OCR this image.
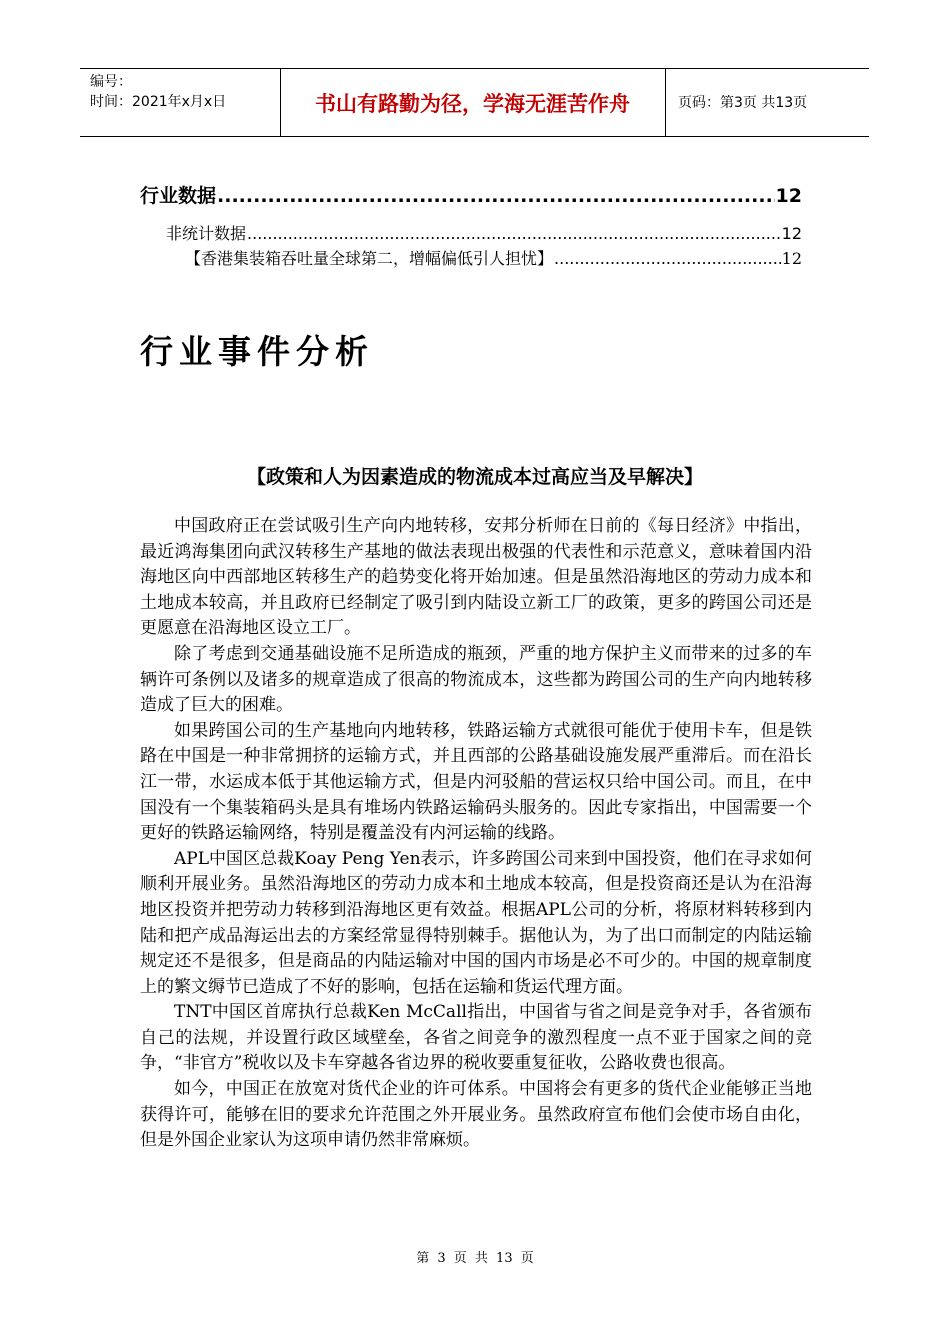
编号：
时间：2021年x月x日	书山有路勤为径，学海无涯苦作舟	页码：第3页 共13页
行业数据 .....	12
非统计数据 .....	12
【香港集装箱吞吐量全球第二，增幅偏低引人担忧】 .....	12
行业事件分析
【政策和人为因素造成的物流成本过高应当及早解决】

中国政府正在尝试吸引生产向内地转移，安邦分析师在日前的《每日经济》中指出，最近鸿海集团向武汉转移生产基地的做法表现出极强的代表性和示范意义，意味着国内沿海地区向中西部地区转移生产的趋势变化将开始加速。但是虽然沿海地区的劳动力成本和土地成本较高，并且政府已经制定了吸引到内陆设立新工厂的政策，更多的跨国公司还是更愿意在沿海地区设立工厂。

除了考虑到交通基础设施不足所造成的瓶颈，严重的地方保护主义而带来的过多的车辆许可条例以及诸多的规章造成了很高的物流成本，这些都为跨国公司的生产向内地转移造成了巨大的困难。

如果跨国公司的生产基地向内地转移，铁路运输方式就很可能优于使用卡车，但是铁路在中国是一种非常拥挤的运输方式，并且西部的公路基础设施发展严重滞后。而在沿长江一带，水运成本低于其他运输方式，但是内河驳船的营运权只给中国公司。而且，在中国没有一个集装箱码头是具有堆场内铁路运输码头服务的。因此专家指出，中国需要一个更好的铁路运输网络，特别是覆盖没有内河运输的线路。

APL中国区总裁Koay Peng Yen表示，许多跨国公司来到中国投资，他们在寻求如何顺利开展业务。虽然沿海地区的劳动力成本和土地成本较高，但是投资商还是认为在沿海地区投资并把劳动力转移到沿海地区更有效益。根据APL公司的分析，将原材料转移到内陆和把产成品海运出去的方案经常显得特别棘手。据他认为，为了出口而制定的内陆运输规定还不是很多，但是商品的内陆运输对中国的国内市场是必不可少的。中国的规章制度上的繁文缛节已造成了不好的影响，包括在运输和货运代理方面。

TNT中国区首席执行总裁Ken McCall指出，中国省与省之间是竞争对手，各省颁布自己的法规，并设置行政区域壁垒，各省之间竞争的激烈程度一点不亚于国家之间的竞争，“非官方”税收以及卡车穿越各省边界的税收要重复征收，公路收费也很高。

如今，中国正在放宽对货代企业的许可体系。中国将会有更多的货代企业能够正当地获得许可，能够在旧的要求允许范围之外开展业务。虽然政府宣布他们会使市场自由化，但是外国企业家认为这项申请仍然非常麻烦。

第 3 页 共 13 页
